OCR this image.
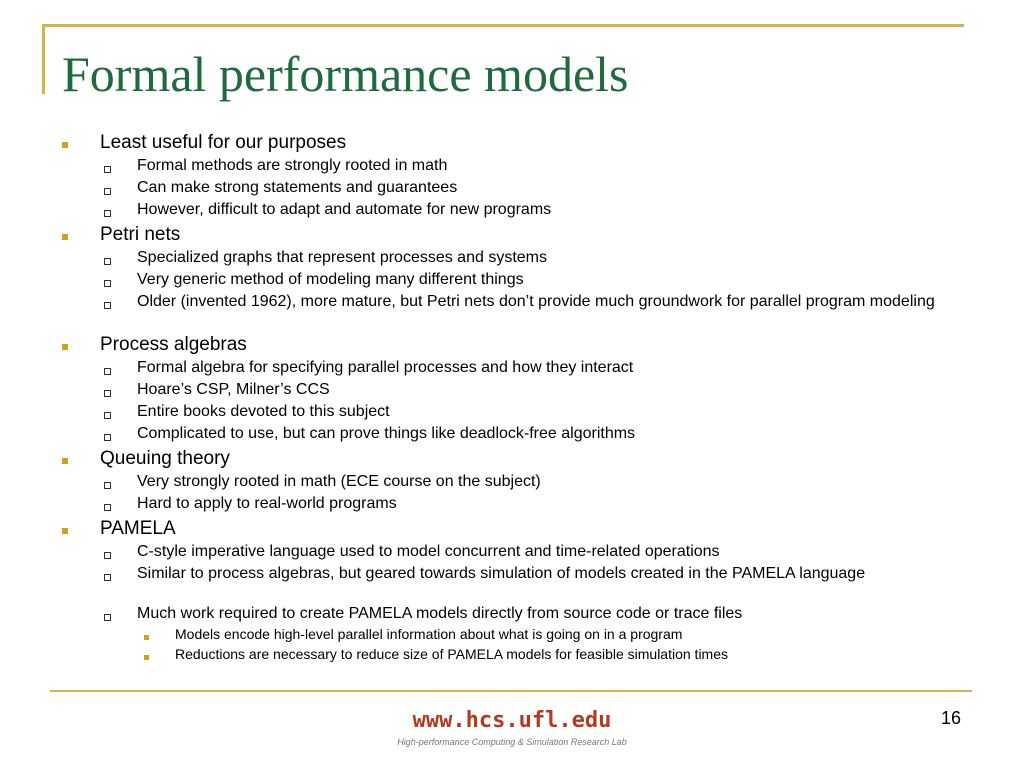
Formal performance models
Least useful for our purposes
Formal methods are strongly rooted in math
Can make strong statements and guarantees
However, difficult to adapt and automate for new programs
Petri nets
Specialized graphs that represent processes and systems
Very generic method of modeling many different things
Older (invented 1962), more mature, but Petri nets don’t provide much groundwork for parallel program modeling
Process algebras
Formal algebra for specifying parallel processes and how they interact
Hoare’s CSP, Milner’s CCS
Entire books devoted to this subject
Complicated to use, but can prove things like deadlock-free algorithms
Queuing theory
Very strongly rooted in math (ECE course on the subject)
Hard to apply to real-world programs
PAMELA
C-style imperative language used to model concurrent and time-related operations
Similar to process algebras, but geared towards simulation of models created in the PAMELA language
Much work required to create PAMELA models directly from source code or trace files
Models encode high-level parallel information about what is going on in a program
Reductions are necessary to reduce size of PAMELA models for feasible simulation times
www.hcs.ufl.edu
High-performance Computing & Simulation Research Lab
16
